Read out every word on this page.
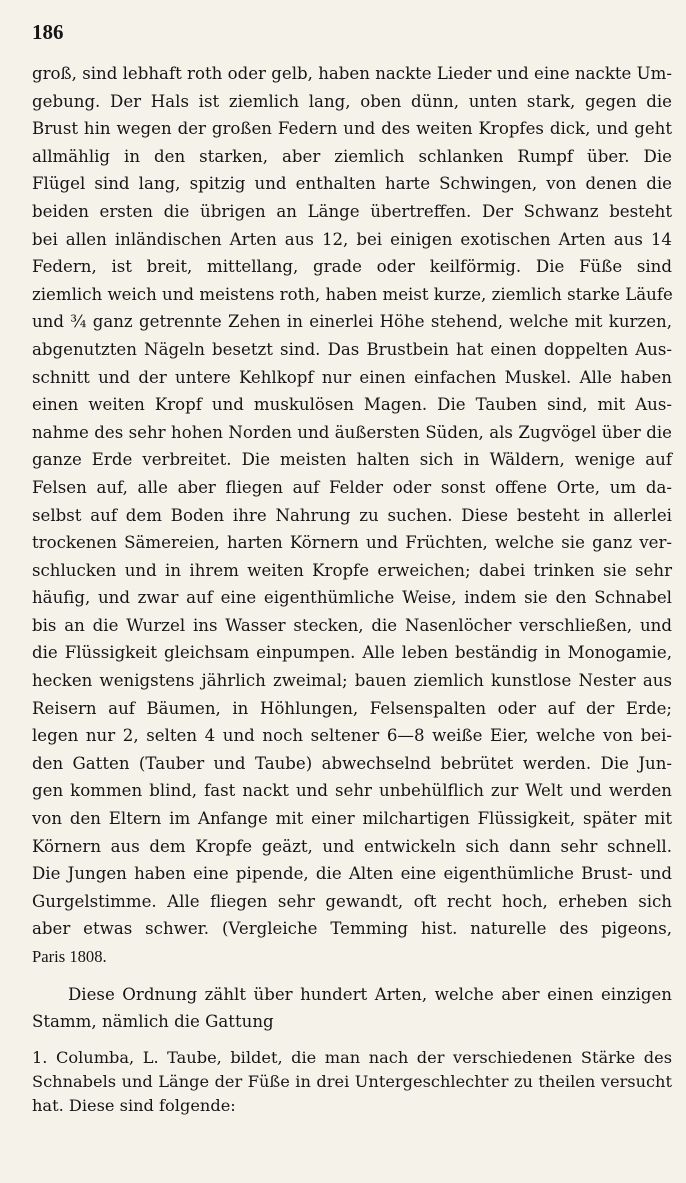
186

groß, sind lebhaft roth oder gelb, haben nackte Lieder und eine nackte Um-
gebung. Der Hals ist ziemlich lang, oben dünn, unten stark, gegen die
Brust hin wegen der großen Federn und des weiten Kropfes dick, und geht
allmählig in den starken, aber ziemlich schlanken Rumpf über. Die
Flügel sind lang, spitzig und enthalten harte Schwingen, von denen die
beiden ersten die übrigen an Länge übertreffen. Der Schwanz besteht
bei allen inländischen Arten aus 12, bei einigen exotischen Arten aus 14
Federn, ist breit, mittellang, grade oder keilförmig. Die Füße sind
ziemlich weich und meistens roth, haben meist kurze, ziemlich starke Läufe
und ¾ ganz getrennte Zehen in einerlei Höhe stehend, welche mit kurzen,
abgenutzten Nägeln besetzt sind. Das Brustbein hat einen doppelten Aus-
schnitt und der untere Kehlkopf nur einen einfachen Muskel. Alle haben
einen weiten Kropf und muskulösen Magen. Die Tauben sind, mit Aus-
nahme des sehr hohen Norden und äußersten Süden, als Zugvögel über die
ganze Erde verbreitet. Die meisten halten sich in Wäldern, wenige auf
Felsen auf, alle aber fliegen auf Felder oder sonst offene Orte, um da-
selbst auf dem Boden ihre Nahrung zu suchen. Diese besteht in allerlei
trockenen Sämereien, harten Körnern und Früchten, welche sie ganz ver-
schlucken und in ihrem weiten Kropfe erweichen; dabei trinken sie sehr
häufig, und zwar auf eine eigenthümliche Weise, indem sie den Schnabel
bis an die Wurzel ins Wasser stecken, die Nasenlöcher verschließen, und
die Flüssigkeit gleichsam einpumpen. Alle leben beständig in Monogamie,
hecken wenigstens jährlich zweimal; bauen ziemlich kunstlose Nester aus
Reisern auf Bäumen, in Höhlungen, Felsenspalten oder auf der Erde;
legen nur 2, selten 4 und noch seltener 6—8 weiße Eier, welche von bei-
den Gatten (Tauber und Taube) abwechselnd bebrütet werden. Die Jun-
gen kommen blind, fast nackt und sehr unbehülflich zur Welt und werden
von den Eltern im Anfange mit einer milchartigen Flüssigkeit, später mit
Körnern aus dem Kropfe geäzt, und entwickeln sich dann sehr schnell.
Die Jungen haben eine pipende, die Alten eine eigenthümliche Brust- und
Gurgelstimme. Alle fliegen sehr gewandt, oft recht hoch, erheben sich
aber etwas schwer. (Vergleiche Temming hist. naturelle des pigeons,
Paris 1808.

Diese Ordnung zählt über hundert Arten, welche aber einen einzigen
Stamm, nämlich die Gattung

1. Columba, L. Taube, bildet, die man nach der verschiedenen Stärke des
Schnabels und Länge der Füße in drei Untergeschlechter zu theilen versucht
hat. Diese sind folgende:
